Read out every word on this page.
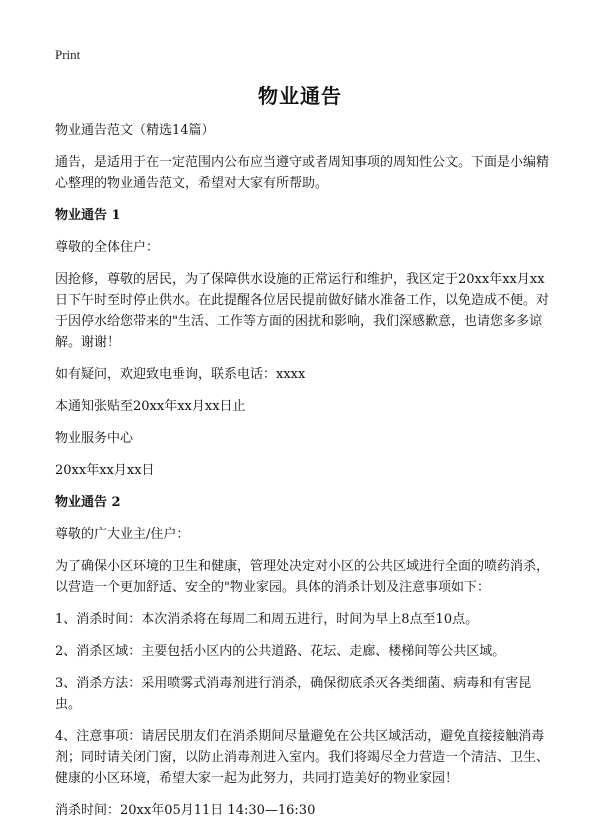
Print
物业通告

物业通告范文（精选14篇）

通告，是适用于在一定范围内公布应当遵守或者周知事项的周知性公文。下面是小编精心整理的物业通告范文，希望对大家有所帮助。

物业通告 1

尊敬的全体住户：

因抢修，尊敬的居民，为了保障供水设施的正常运行和维护，我区定于20xx年xx月xx日下午时至时停止供水。在此提醒各位居民提前做好储水准备工作，以免造成不便。对于因停水给您带来的"生活、工作等方面的困扰和影响，我们深感歉意，也请您多多谅解。谢谢！

如有疑问，欢迎致电垂询，联系电话：xxxx

本通知张贴至20xx年xx月xx日止

物业服务中心

20xx年xx月xx日

物业通告 2

尊敬的广大业主/住户：

为了确保小区环境的卫生和健康，管理处决定对小区的公共区域进行全面的喷药消杀，以营造一个更加舒适、安全的"物业家园。具体的消杀计划及注意事项如下：

1、消杀时间：本次消杀将在每周二和周五进行，时间为早上8点至10点。

2、消杀区域：主要包括小区内的公共道路、花坛、走廊、楼梯间等公共区域。

3、消杀方法：采用喷雾式消毒剂进行消杀，确保彻底杀灭各类细菌、病毒和有害昆虫。

4、注意事项：请居民朋友们在消杀期间尽量避免在公共区域活动，避免直接接触消毒剂；同时请关闭门窗，以防止消毒剂进入室内。我们将竭尽全力营造一个清洁、卫生、健康的小区环境，希望大家一起为此努力，共同打造美好的物业家园！

消杀时间：20xx年05月11日 14:30—16:30
